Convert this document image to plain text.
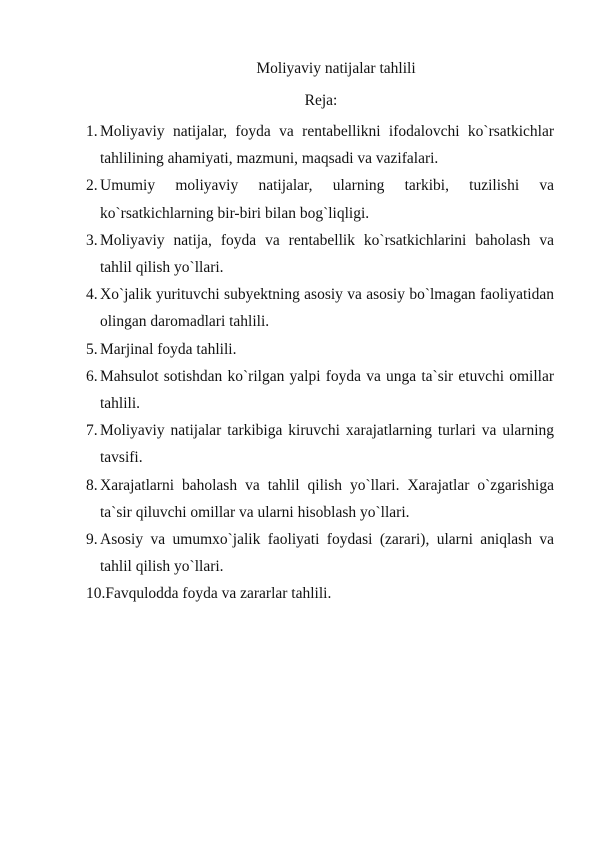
Moliyaviy natijalar tahlili
Reja:
1. Moliyaviy natijalar, foyda va rentabellikni ifodalovchi ko`rsatkichlar tahlilining ahamiyati, mazmuni, maqsadi va vazifalari.
2. Umumiy moliyaviy natijalar, ularning tarkibi, tuzilishi va ko`rsatkichlarning bir-biri bilan bog`liqligi.
3. Moliyaviy natija, foyda va rentabellik ko`rsatkichlarini baholash va tahlil qilish yo`llari.
4. Xo`jalik yurituvchi subyektning asosiy va asosiy bo`lmagan faoliyatidan olingan daromadlari tahlili.
5. Marjinal foyda tahlili.
6. Mahsulot sotishdan ko`rilgan yalpi foyda va unga ta`sir etuvchi omillar tahlili.
7. Moliyaviy natijalar tarkibiga kiruvchi xarajatlarning turlari va ularning tavsifi.
8. Xarajatlarni baholash va tahlil qilish yo`llari. Xarajatlar o`zgarishiga ta`sir qiluvchi omillar va ularni hisoblash yo`llari.
9. Asosiy va umumxo`jalik faoliyati foydasi (zarari), ularni aniqlash va tahlil qilish yo`llari.
10. Favqulodda foyda va zararlar tahlili.
